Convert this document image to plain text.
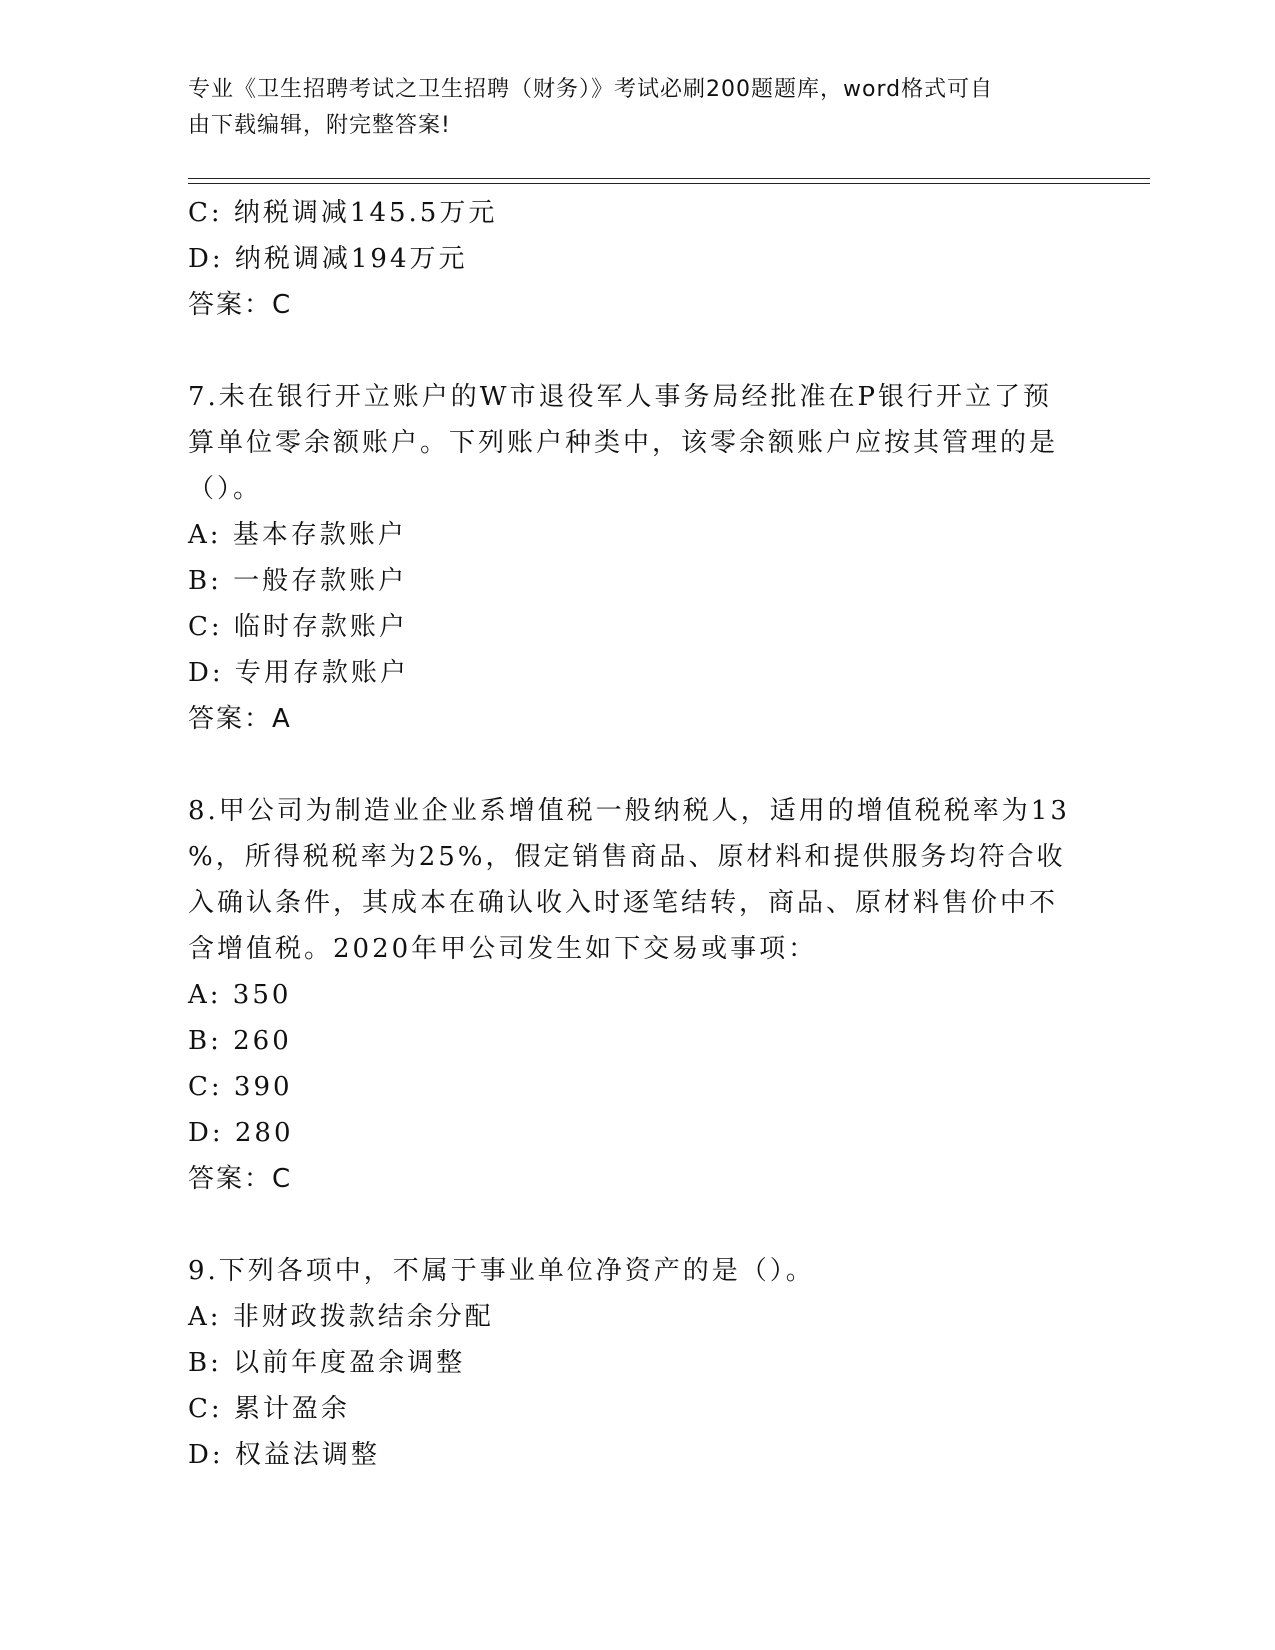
专业《卫生招聘考试之卫生招聘（财务）》考试必刷200题题库，word格式可自
由下载编辑，附完整答案!
C: 纳税调减145.5万元
D: 纳税调减194万元
答案：C
7.未在银行开立账户的W市退役军人事务局经批准在P银行开立了预
算单位零余额账户。下列账户种类中，该零余额账户应按其管理的是
（）。
A: 基本存款账户
B: 一般存款账户
C: 临时存款账户
D: 专用存款账户
答案：A
8.甲公司为制造业企业系增值税一般纳税人，适用的增值税税率为13
%，所得税税率为25%，假定销售商品、原材料和提供服务均符合收
入确认条件，其成本在确认收入时逐笔结转，商品、原材料售价中不
含增值税。2020年甲公司发生如下交易或事项：
A: 350
B: 260
C: 390
D: 280
答案：C
9.下列各项中，不属于事业单位净资产的是（）。
A: 非财政拨款结余分配
B: 以前年度盈余调整
C: 累计盈余
D: 权益法调整
